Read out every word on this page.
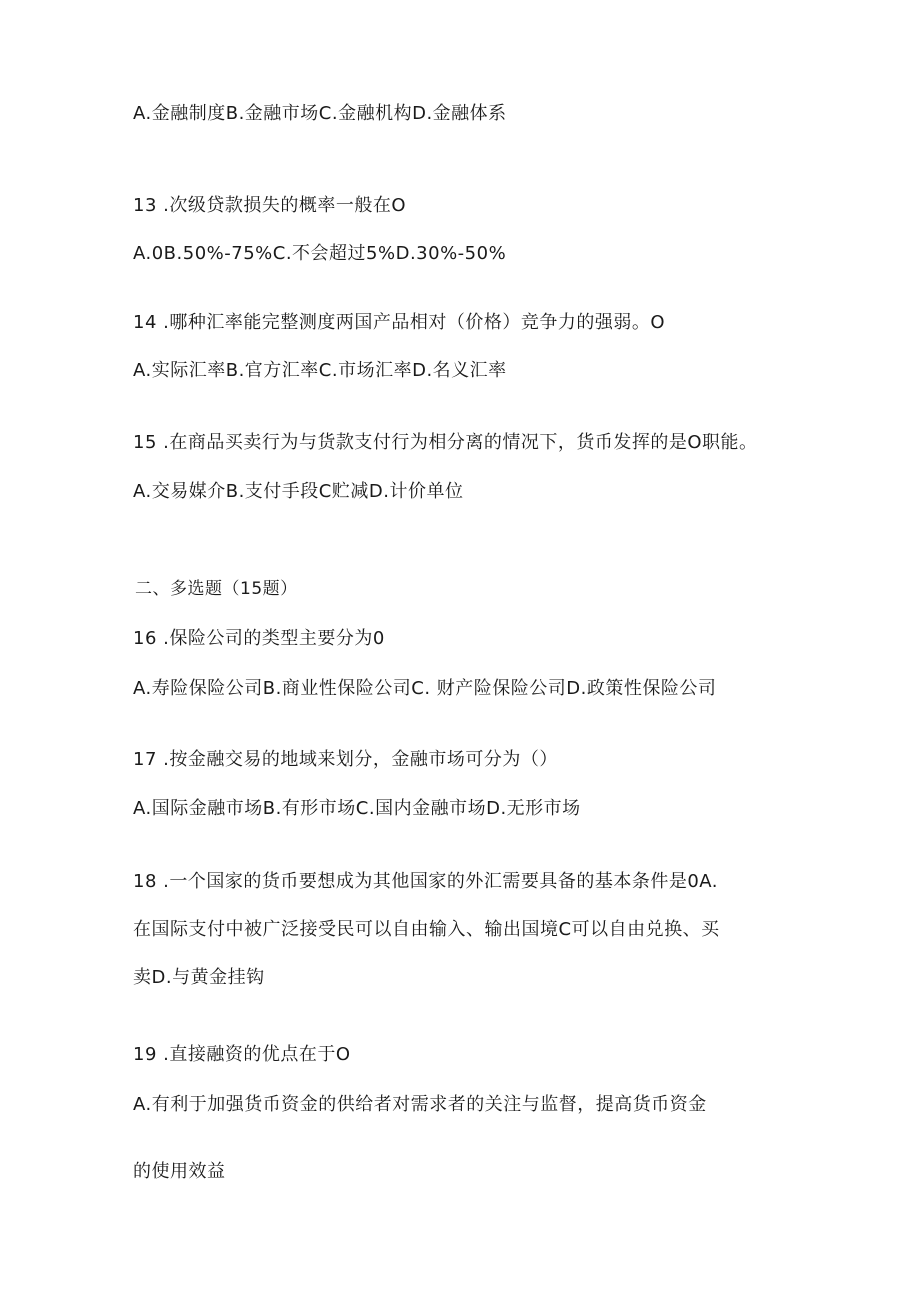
A.金融制度B.金融市场C.金融机构D.金融体系
13 .次级贷款损失的概率一般在O
A.0B.50%-75%C.不会超过5%D.30%-50%
14 .哪种汇率能完整测度两国产品相对（价格）竞争力的强弱。O
A.实际汇率B.官方汇率C.市场汇率D.名义汇率
15 .在商品买卖行为与货款支付行为相分离的情况下，货币发挥的是O职能。
A.交易媒介B.支付手段C贮减D.计价单位
二、多选题（15题）
16 .保险公司的类型主要分为0
A.寿险保险公司B.商业性保险公司C. 财产险保险公司D.政策性保险公司
17 .按金融交易的地域来划分，金融市场可分为（）
A.国际金融市场B.有形市场C.国内金融市场D.无形市场
18 .一个国家的货币要想成为其他国家的外汇需要具备的基本条件是0A.
在国际支付中被广泛接受民可以自由输入、输出国境C可以自由兑换、买
卖D.与黄金挂钩
19 .直接融资的优点在于O
A.有利于加强货币资金的供给者对需求者的关注与监督，提高货币资金
的使用效益
